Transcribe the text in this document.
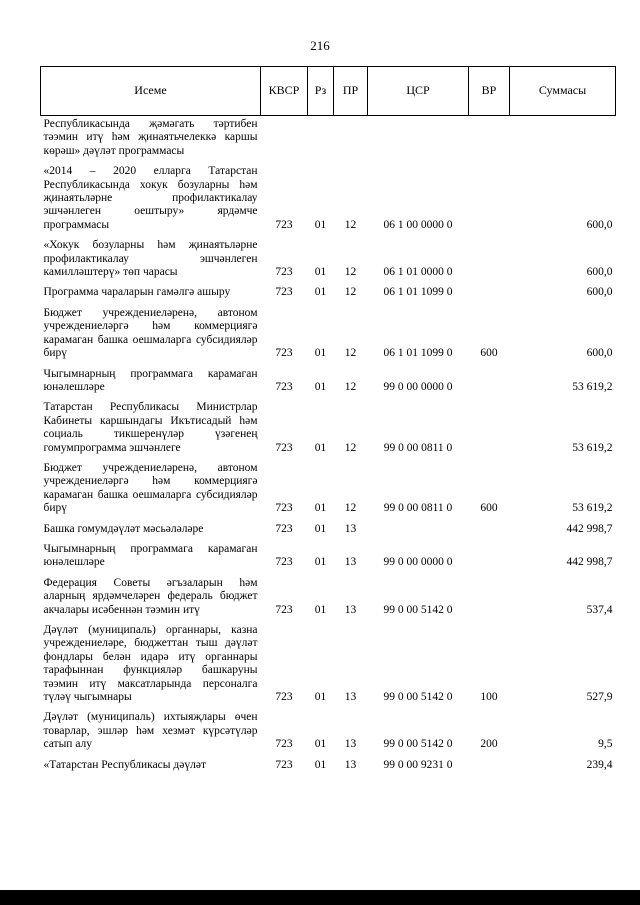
216
Исеме	КВСР	Рз	ПР	ЦСР	ВР	Суммасы
Республикасында җәмәгать тәртибен тәэмин итү һәм җинаятьчелеккә каршы көрәш» дәүләт программасы						
«2014 – 2020 елларга Татарстан Республикасында хокук бозуларны һәм җинаятьләрне профилактикалау эшчәнлеген оештыру» ярдәмче программасы	723	01	12	06 1 00 0000 0		600,0
«Хокук бозуларны һәм җинаятьләрне профилактикалау эшчәнлеген камилләштерү» төп чарасы	723	01	12	06 1 01 0000 0		600,0
Программа чараларын гамәлгә ашыру	723	01	12	06 1 01 1099 0		600,0
Бюджет учреждениеләренә, автоном учреждениеләргә һәм коммерциягә карамаган башка оешмаларга субсидияләр бирү	723	01	12	06 1 01 1099 0	600	600,0
Чыгымнарның программага карамаган юнәлешләре	723	01	12	99 0 00 0000 0		53 619,2
Татарстан Республикасы Министрлар Кабинеты каршындагы Икътисадый һәм социаль тикшеренүләр үзәгенең гомумпрограмма эшчәнлеге	723	01	12	99 0 00 0811 0		53 619,2
Бюджет учреждениеләренә, автоном учреждениеләргә һәм коммерциягә карамаган башка оешмаларга субсидияләр бирү	723	01	12	99 0 00 0811 0	600	53 619,2
Башка гомумдәүләт мәсьәләләре	723	01	13			442 998,7
Чыгымнарның программага карамаган юнәлешләре	723	01	13	99 0 00 0000 0		442 998,7
Федерация Советы әгъзаларын һәм аларның ярдәмчеләрен федераль бюджет акчалары исәбеннән тәэмин итү	723	01	13	99 0 00 5142 0		537,4
Дәүләт (муниципаль) органнары, казна учреждениеләре, бюджеттан тыш дәүләт фондлары белән идарә итү органнары тарафыннан функцияләр башкаруны тәэмин итү максатларында персоналга түләү чыгымнары	723	01	13	99 0 00 5142 0	100	527,9
Дәүләт (муниципаль) ихтыяҗлары өчен товарлар, эшләр һәм хезмәт күрсәтүләр сатып алу	723	01	13	99 0 00 5142 0	200	9,5
«Татарстан Республикасы дәүләт	723	01	13	99 0 00 9231 0		239,4
